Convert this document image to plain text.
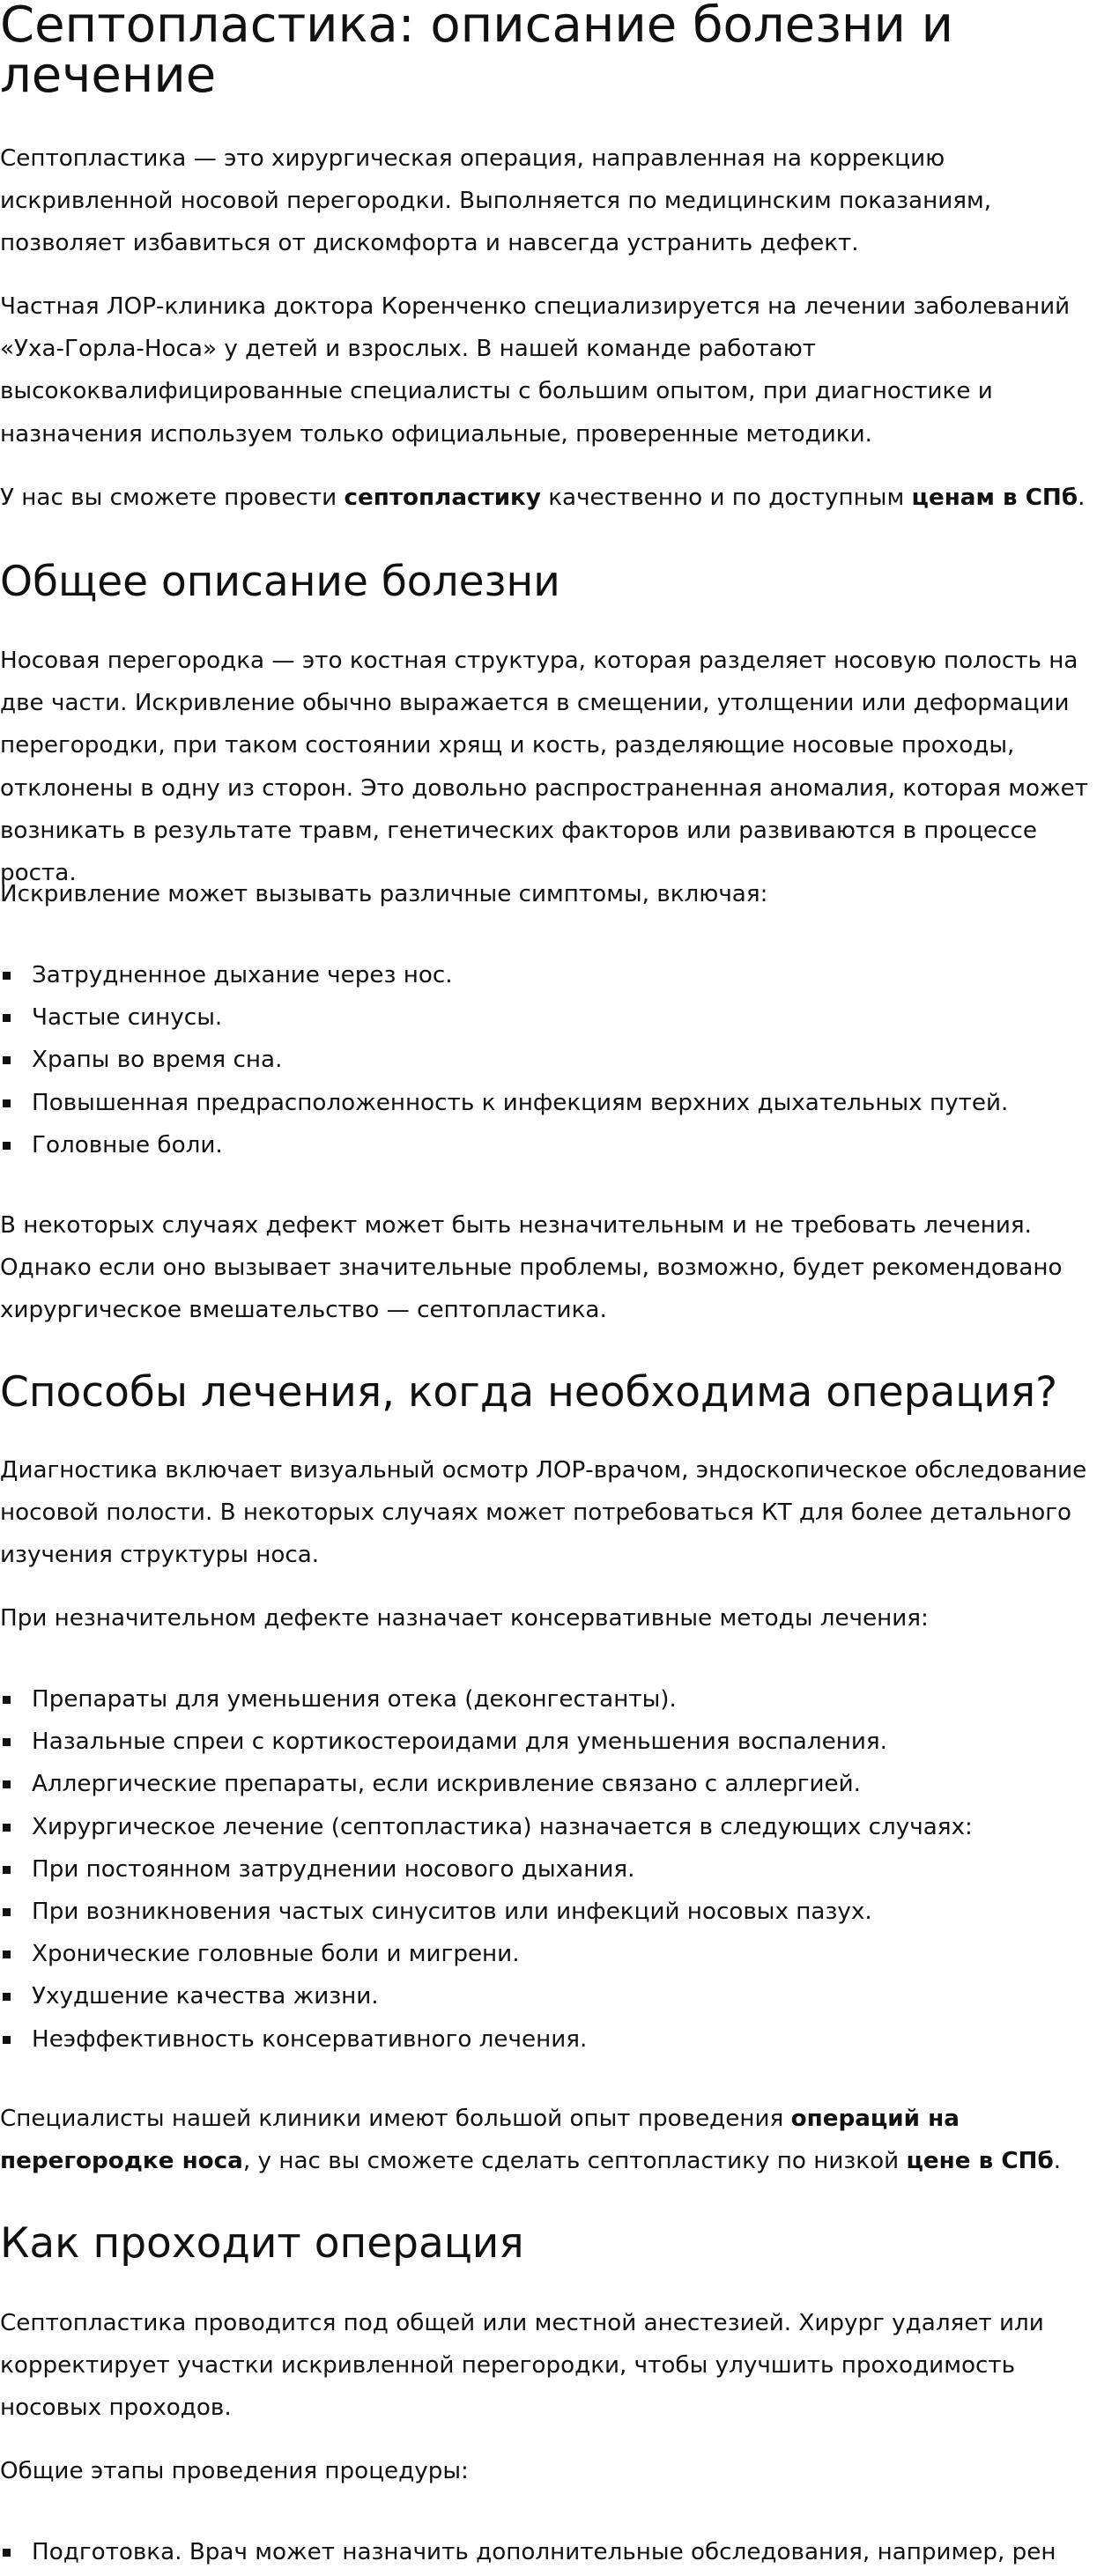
Септопластика: описание болезни и лечение

Септопластика — это хирургическая операция, направленная на коррекцию искривленной носовой перегородки. Выполняется по медицинским показаниям, позволяет избавиться от дискомфорта и навсегда устранить дефект.

Частная ЛОР-клиника доктора Коренченко специализируется на лечении заболеваний «Уха-Горла-Носа» у детей и взрослых. В нашей команде работают высококвалифицированные специалисты с большим опытом, при диагностике и назначения используем только официальные, проверенные методики.

У нас вы сможете провести септопластику качественно и по доступным ценам в СПб.

Общее описание болезни

Носовая перегородка — это костная структура, которая разделяет носовую полость на две части. Искривление обычно выражается в смещении, утолщении или деформации перегородки, при таком состоянии хрящ и кость, разделяющие носовые проходы, отклонены в одну из сторон. Это довольно распространенная аномалия, которая может возникать в результате травм, генетических факторов или развиваются в процессе роста.

Искривление может вызывать различные симптомы, включая:

Затрудненное дыхание через нос.
Частые синусы.
Храпы во время сна.
Повышенная предрасположенность к инфекциям верхних дыхательных путей.
Головные боли.

В некоторых случаях дефект может быть незначительным и не требовать лечения. Однако если оно вызывает значительные проблемы, возможно, будет рекомендовано хирургическое вмешательство — септопластика.

Способы лечения, когда необходима операция?

Диагностика включает визуальный осмотр ЛОР-врачом, эндоскопическое обследование носовой полости. В некоторых случаях может потребоваться КТ для более детального изучения структуры носа.

При незначительном дефекте назначает консервативные методы лечения:

Препараты для уменьшения отека (деконгестанты).
Назальные спреи с кортикостероидами для уменьшения воспаления.
Аллергические препараты, если искривление связано с аллергией.
Хирургическое лечение (септопластика) назначается в следующих случаях:
При постоянном затруднении носового дыхания.
При возникновения частых синуситов или инфекций носовых пазух.
Хронические головные боли и мигрени.
Ухудшение качества жизни.
Неэффективность консервативного лечения.

Специалисты нашей клиники имеют большой опыт проведения операций на перегородке носа, у нас вы сможете сделать септопластику по низкой цене в СПб.

Как проходит операция

Септопластика проводится под общей или местной анестезией. Хирург удаляет или корректирует участки искривленной перегородки, чтобы улучшить проходимость носовых проходов.

Общие этапы проведения процедуры:

Подготовка. Врач может назначить дополнительные обследования, например, рен
